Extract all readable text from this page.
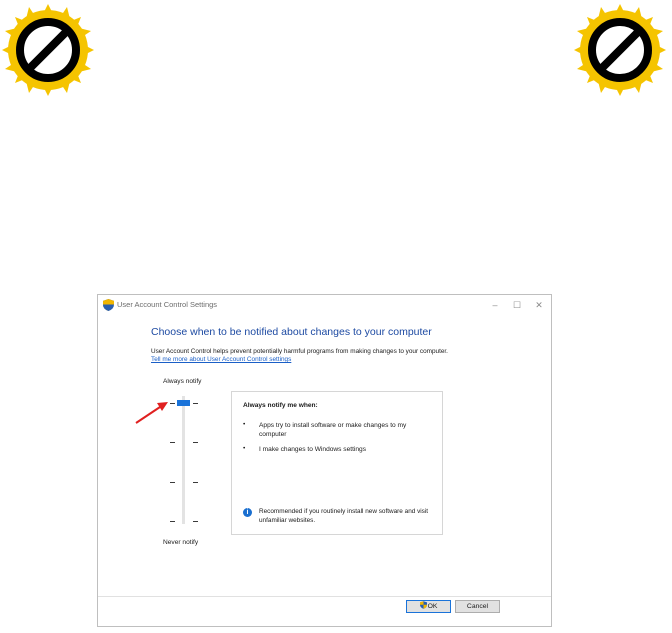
User Account Control Settings	–	☐	✕
Choose when to be notified about changes to your computer
User Account Control helps prevent potentially harmful programs from making changes to your computer.
Tell me more about User Account Control settings
Always notify
Never notify
Always notify me when:
• Apps try to install software or make changes to my computer
• I make changes to Windows settings
i	Recommended if you routinely install new software and visit unfamiliar websites.
OK	Cancel
